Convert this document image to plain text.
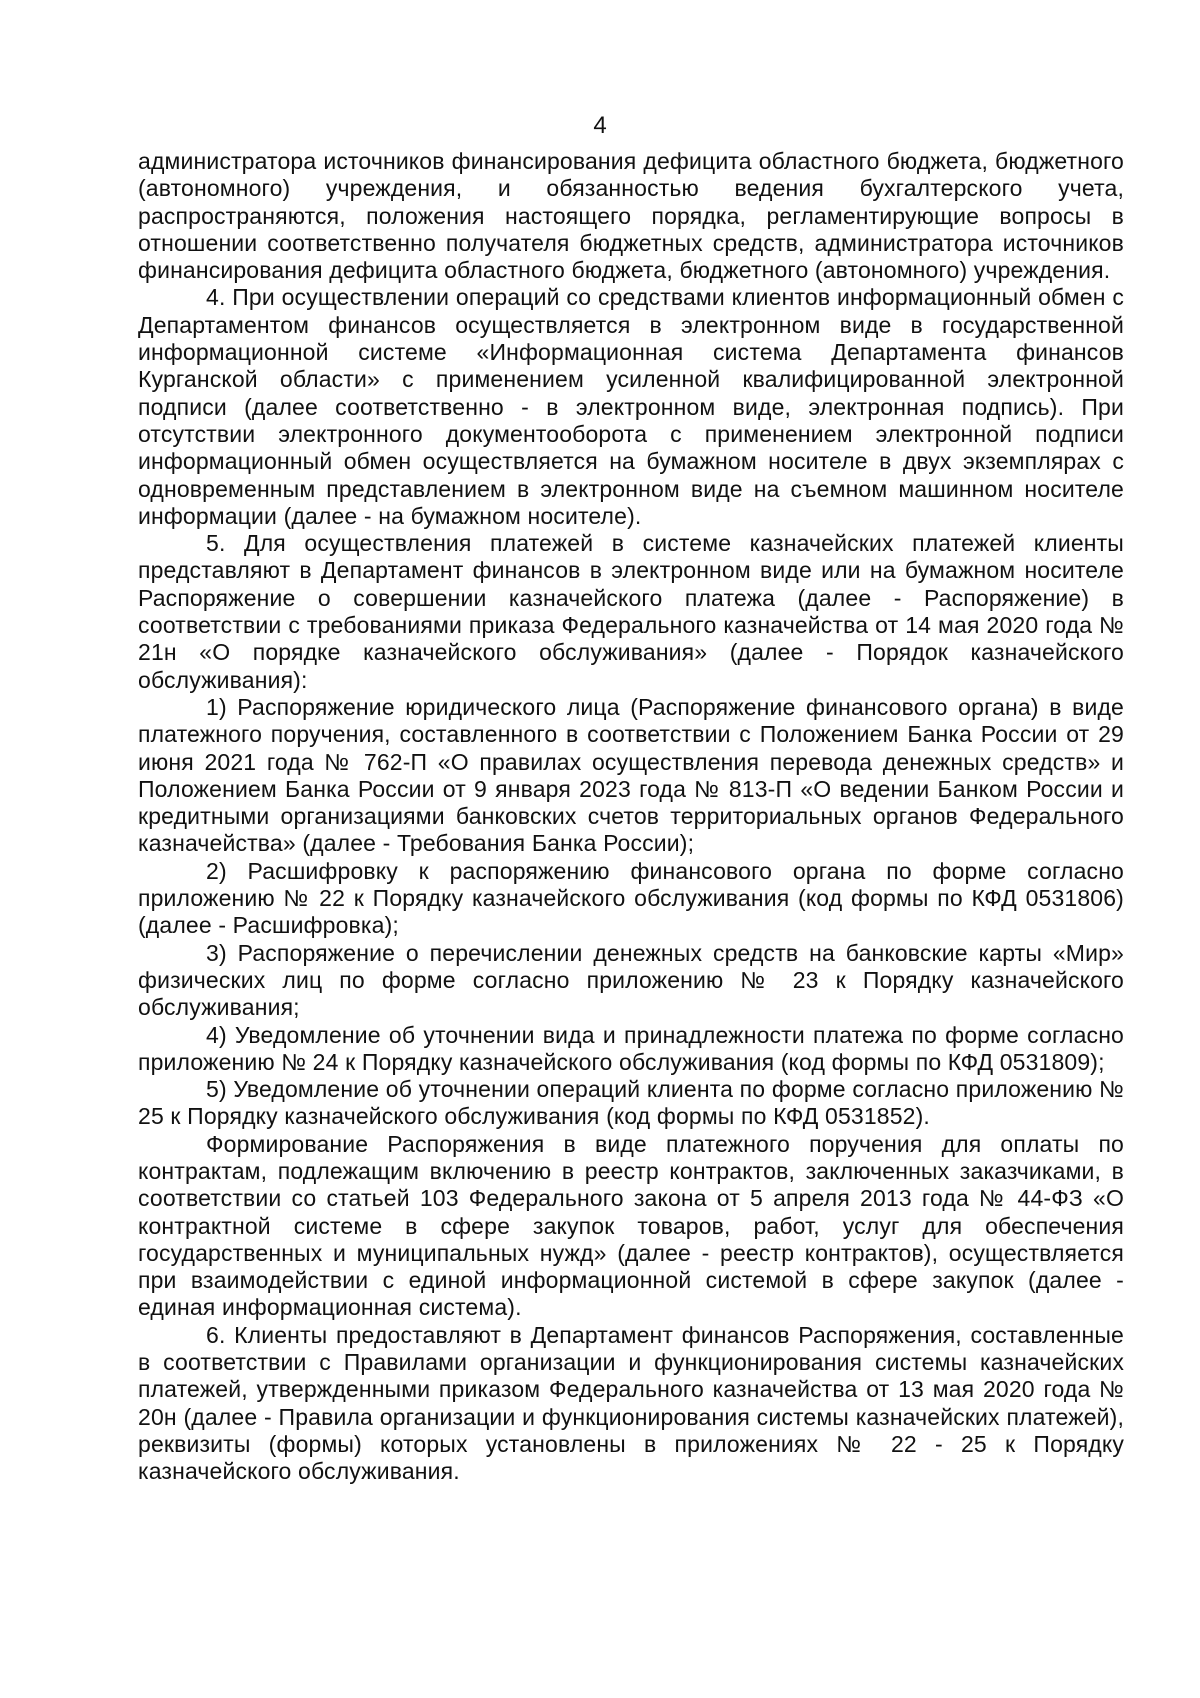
4

администратора источников финансирования дефицита областного бюджета, бюджетного (автономного) учреждения, и обязанностью ведения бухгалтерского учета, распространяются, положения настоящего порядка, регламентирующие вопросы в отношении соответственно получателя бюджетных средств, администратора источников финансирования дефицита областного бюджета, бюджетного (автономного) учреждения.

4. При осуществлении операций со средствами клиентов информационный обмен с Департаментом финансов осуществляется в электронном виде в государственной информационной системе «Информационная система Департамента финансов Курганской области» с применением усиленной квалифицированной электронной подписи (далее соответственно - в электронном виде, электронная подпись). При отсутствии электронного документооборота с применением электронной подписи информационный обмен осуществляется на бумажном носителе в двух экземплярах с одновременным представлением в электронном виде на съемном машинном носителе информации (далее - на бумажном носителе).

5. Для осуществления платежей в системе казначейских платежей клиенты представляют в Департамент финансов в электронном виде или на бумажном носителе Распоряжение о совершении казначейского платежа (далее - Распоряжение) в соответствии с требованиями приказа Федерального казначейства от 14 мая 2020 года № 21н «О порядке казначейского обслуживания» (далее - Порядок казначейского обслуживания):

1) Распоряжение юридического лица (Распоряжение финансового органа) в виде платежного поручения, составленного в соответствии с Положением Банка России от 29 июня 2021 года № 762-П «О правилах осуществления перевода денежных средств» и Положением Банка России от 9 января 2023 года № 813-П «О ведении Банком России и кредитными организациями банковских счетов территориальных органов Федерального казначейства» (далее - Требования Банка России);

2) Расшифровку к распоряжению финансового органа по форме согласно приложению № 22 к Порядку казначейского обслуживания (код формы по КФД 0531806) (далее - Расшифровка);

3) Распоряжение о перечислении денежных средств на банковские карты «Мир» физических лиц по форме согласно приложению № 23 к Порядку казначейского обслуживания;

4) Уведомление об уточнении вида и принадлежности платежа по форме согласно приложению № 24 к Порядку казначейского обслуживания (код формы по КФД 0531809);

5) Уведомление об уточнении операций клиента по форме согласно приложению № 25 к Порядку казначейского обслуживания (код формы по КФД 0531852).

Формирование Распоряжения в виде платежного поручения для оплаты по контрактам, подлежащим включению в реестр контрактов, заключенных заказчиками, в соответствии со статьей 103 Федерального закона от 5 апреля 2013 года № 44-ФЗ «О контрактной системе в сфере закупок товаров, работ, услуг для обеспечения государственных и муниципальных нужд» (далее - реестр контрактов), осуществляется при взаимодействии с единой информационной системой в сфере закупок (далее - единая информационная система).

6. Клиенты предоставляют в Департамент финансов Распоряжения, составленные в соответствии с Правилами организации и функционирования системы казначейских платежей, утвержденными приказом Федерального казначейства от 13 мая 2020 года № 20н (далее - Правила организации и функционирования системы казначейских платежей), реквизиты (формы) которых установлены в приложениях № 22 - 25 к Порядку казначейского обслуживания.
